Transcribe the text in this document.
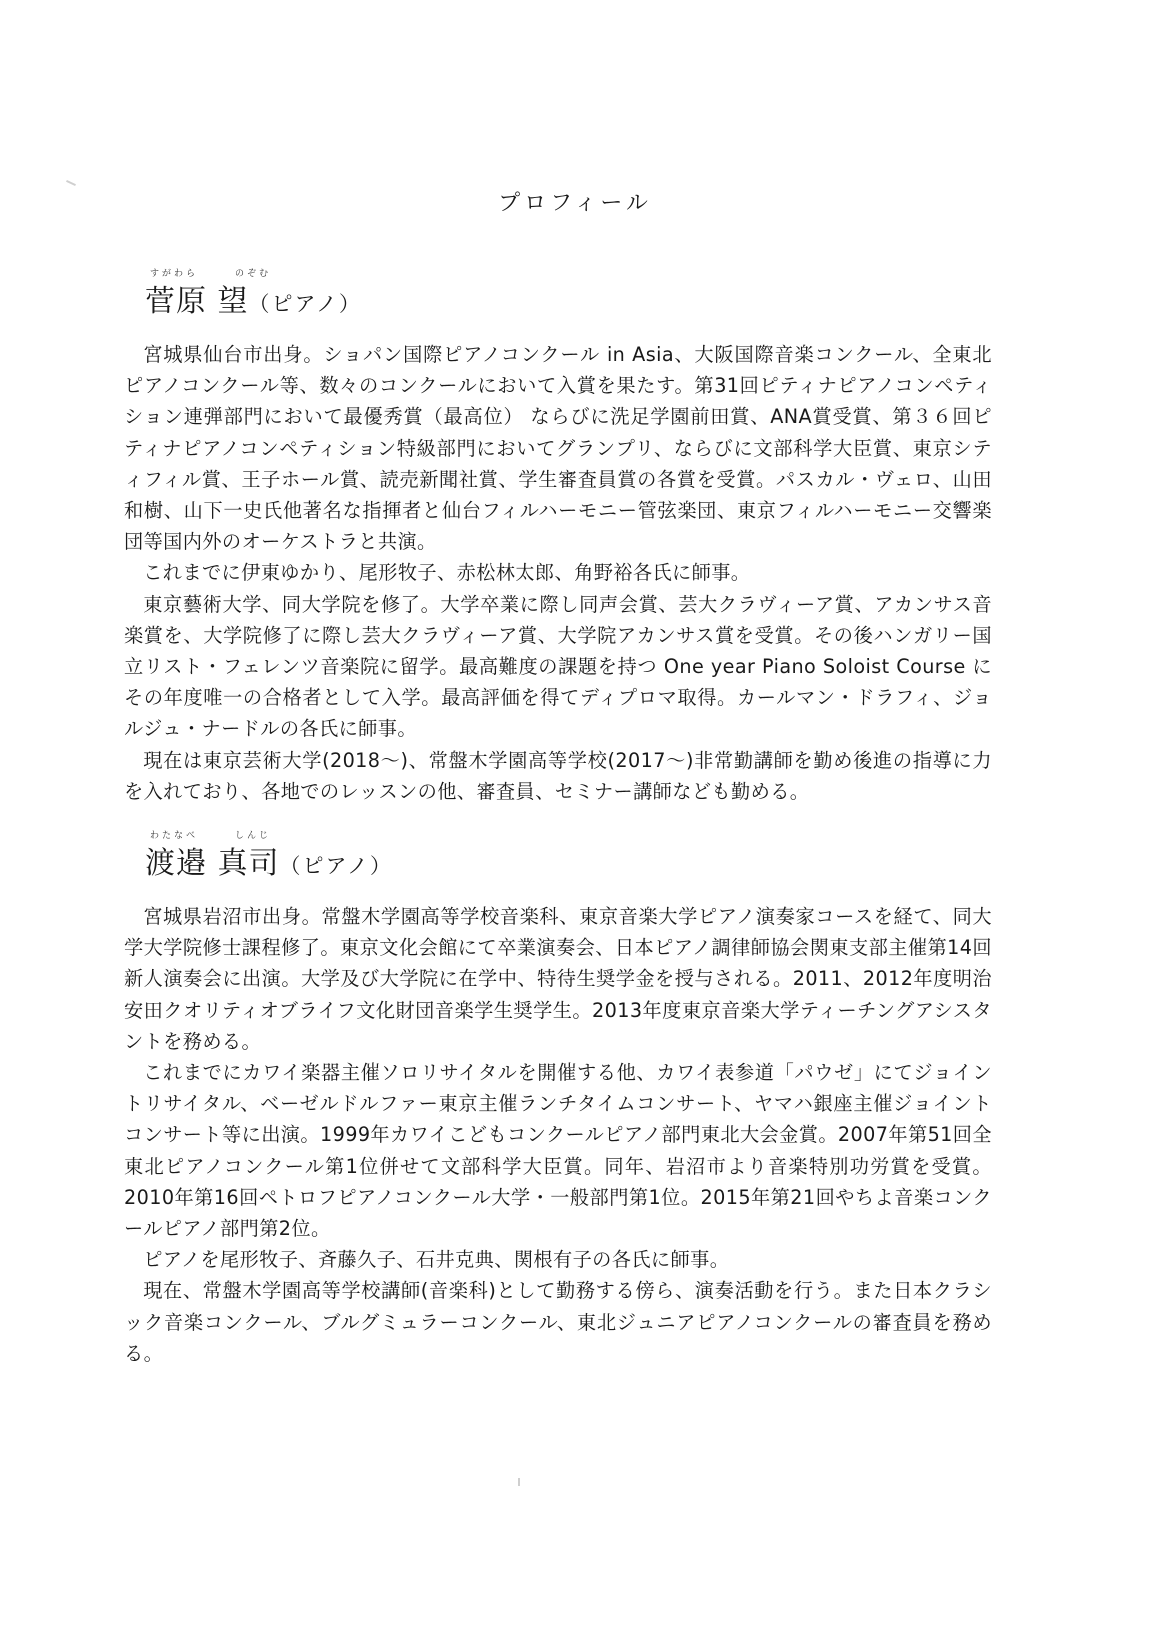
プロフィール
すがわら	のぞむ
菅原 望（ピアノ）

宮城県仙台市出身。ショパン国際ピアノコンクール in Asia、大阪国際音楽コンクール、全東北ピアノコンクール等、数々のコンクールにおいて入賞を果たす。第31回ピティナピアノコンペティション連弾部門において最優秀賞（最高位） ならびに洗足学園前田賞、ANA賞受賞、第３６回ピティナピアノコンペティション特級部門においてグランプリ、ならびに文部科学大臣賞、東京シティフィル賞、王子ホール賞、読売新聞社賞、学生審査員賞の各賞を受賞。パスカル・ヴェロ、山田和樹、山下一史氏他著名な指揮者と仙台フィルハーモニー管弦楽団、東京フィルハーモニー交響楽団等国内外のオーケストラと共演。

これまでに伊東ゆかり、尾形牧子、赤松林太郎、角野裕各氏に師事。

東京藝術大学、同大学院を修了。大学卒業に際し同声会賞、芸大クラヴィーア賞、アカンサス音楽賞を、大学院修了に際し芸大クラヴィーア賞、大学院アカンサス賞を受賞。その後ハンガリー国立リスト・フェレンツ音楽院に留学。最高難度の課題を持つ One year Piano Soloist Course にその年度唯一の合格者として入学。最高評価を得てディプロマ取得。カールマン・ドラフィ、ジョルジュ・ナードルの各氏に師事。

現在は東京芸術大学(2018～)、常盤木学園高等学校(2017～)非常勤講師を勤め後進の指導に力を入れており、各地でのレッスンの他、審査員、セミナー講師なども勤める。

わたなべ	しんじ
渡邉 真司（ピアノ）

宮城県岩沼市出身。常盤木学園高等学校音楽科、東京音楽大学ピアノ演奏家コースを経て、同大学大学院修士課程修了。東京文化会館にて卒業演奏会、日本ピアノ調律師協会関東支部主催第14回新人演奏会に出演。大学及び大学院に在学中、特待生奨学金を授与される。2011、2012年度明治安田クオリティオブライフ文化財団音楽学生奨学生。2013年度東京音楽大学ティーチングアシスタントを務める。

これまでにカワイ楽器主催ソロリサイタルを開催する他、カワイ表参道「パウゼ」にてジョイントリサイタル、ベーゼルドルファー東京主催ランチタイムコンサート、ヤマハ銀座主催ジョイントコンサート等に出演。1999年カワイこどもコンクールピアノ部門東北大会金賞。2007年第51回全東北ピアノコンクール第1位併せて文部科学大臣賞。同年、岩沼市より音楽特別功労賞を受賞。2010年第16回ペトロフピアノコンクール大学・一般部門第1位。2015年第21回やちよ音楽コンクールピアノ部門第2位。

ピアノを尾形牧子、斉藤久子、石井克典、関根有子の各氏に師事。

現在、常盤木学園高等学校講師(音楽科)として勤務する傍ら、演奏活動を行う。また日本クラシック音楽コンクール、ブルグミュラーコンクール、東北ジュニアピアノコンクールの審査員を務める。
